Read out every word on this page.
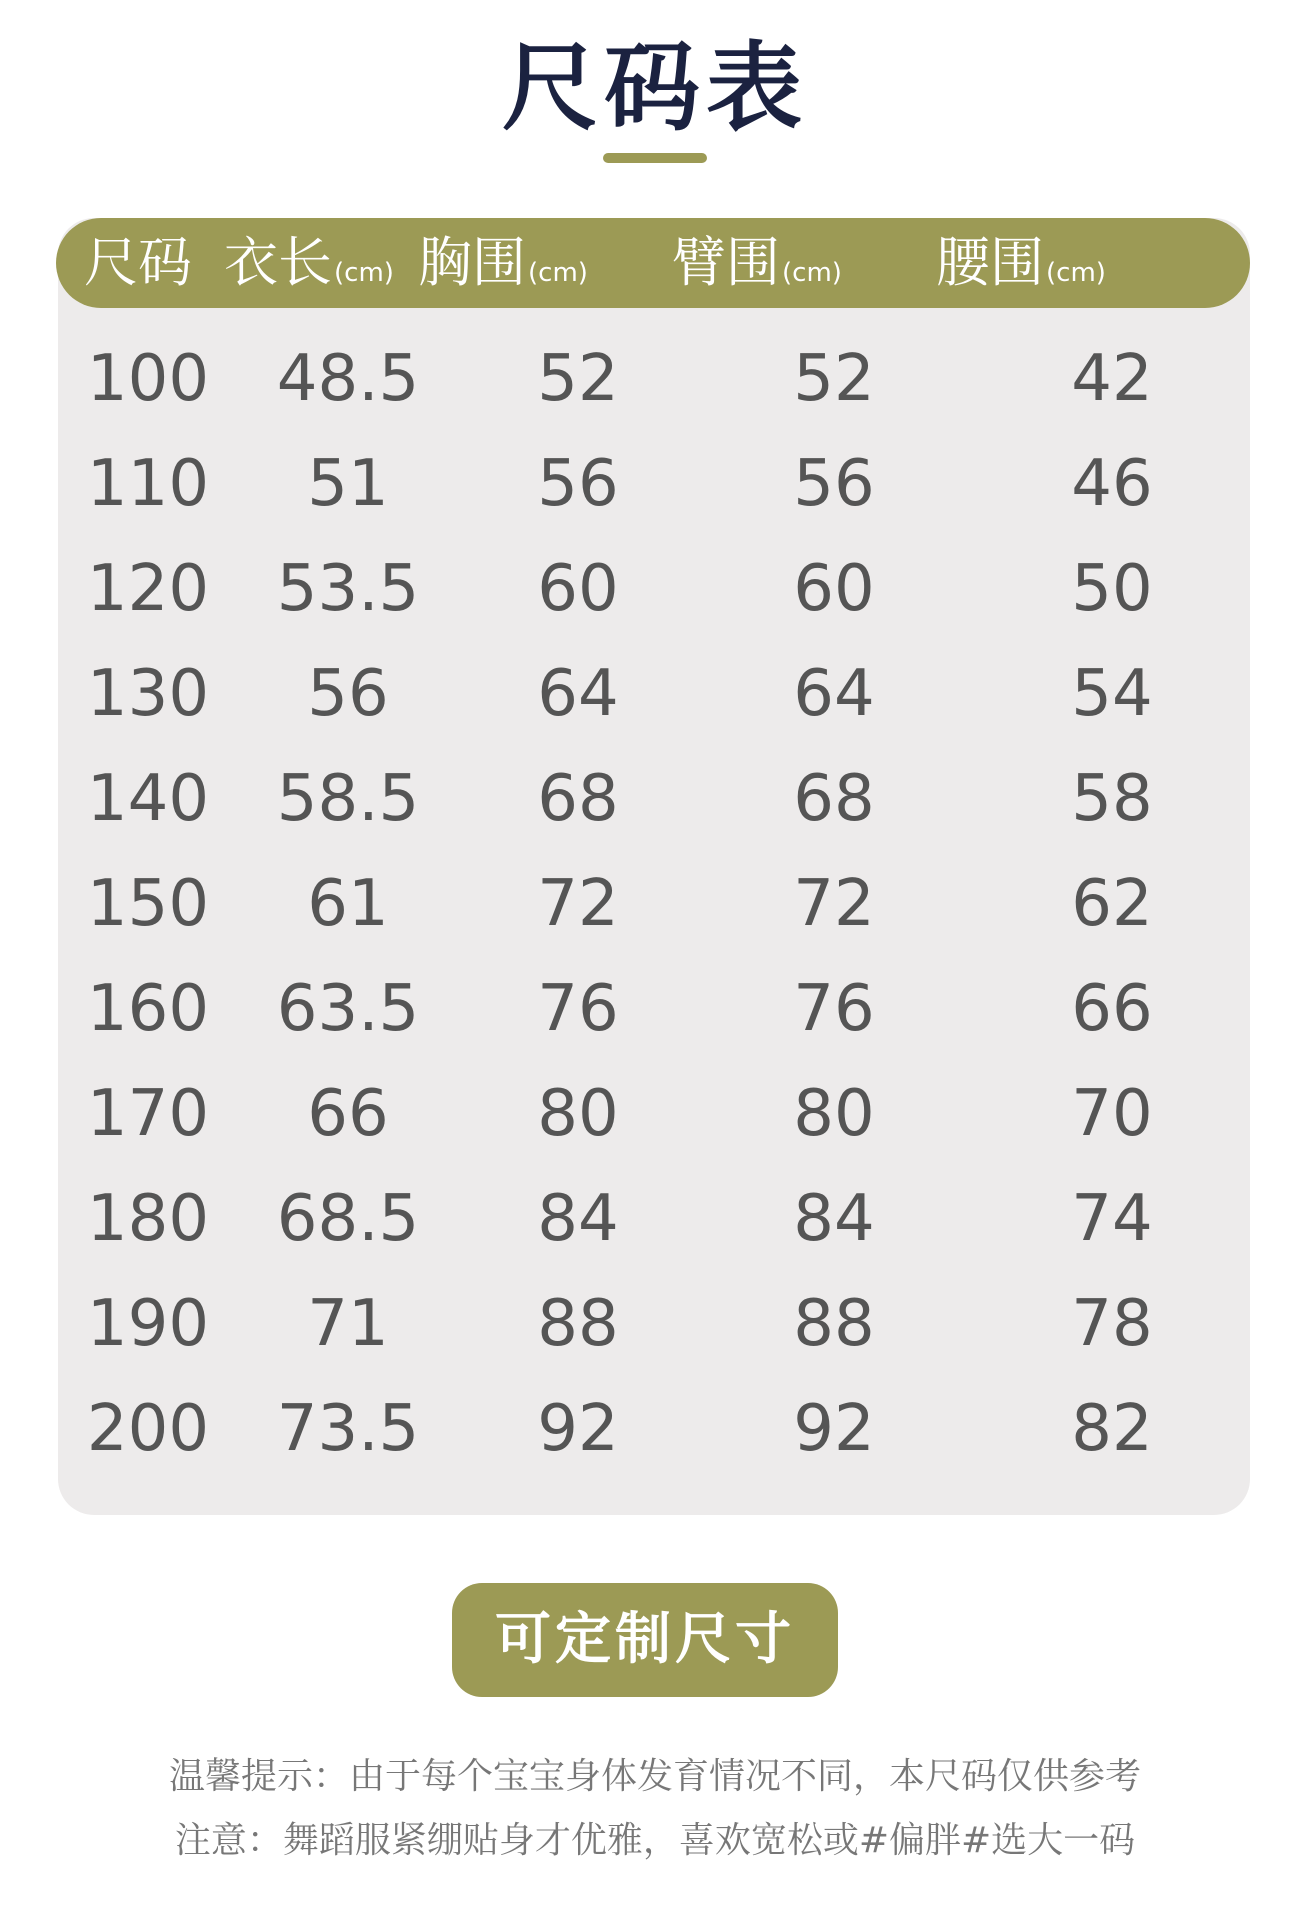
尺码表
尺码 衣长(cm) 胸围(cm) 臂围(cm) 腰围(cm)
100	48.5	52	52	42
110	51	56	56	46
120	53.5	60	60	50
130	56	64	64	54
140	58.5	68	68	58
150	61	72	72	62
160	63.5	76	76	66
170	66	80	80	70
180	68.5	84	84	74
190	71	88	88	78
200	73.5	92	92	82
可定制尺寸
温馨提示：由于每个宝宝身体发育情况不同，本尺码仅供参考
注意：舞蹈服紧绷贴身才优雅，喜欢宽松或#偏胖#选大一码
